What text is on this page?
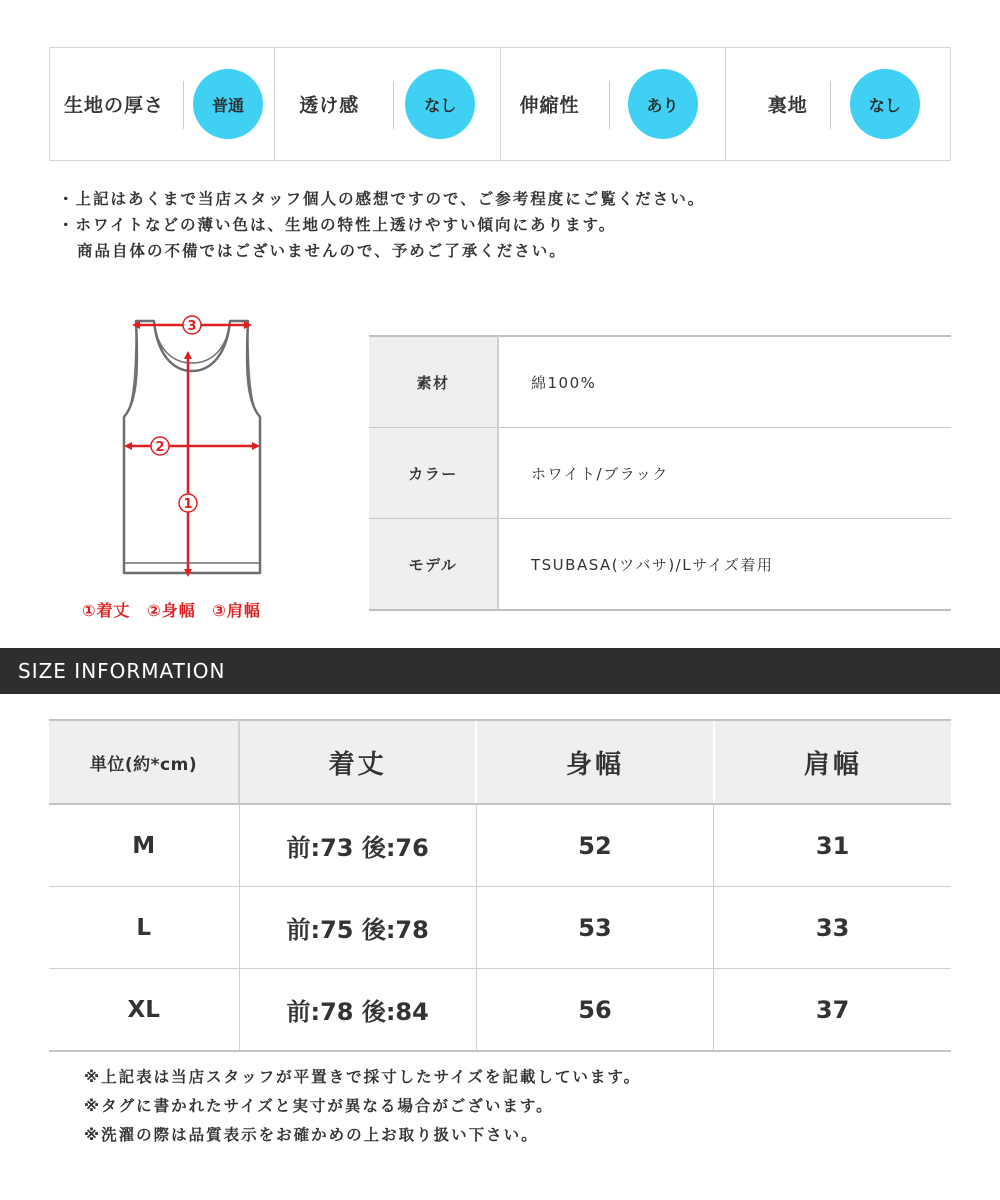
生地の厚さ	普通	透け感	なし	伸縮性	あり	裏地	なし
・上記はあくまで当店スタッフ個人の感想ですので、ご参考程度にご覧ください。
・ホワイトなどの薄い色は、生地の特性上透けやすい傾向にあります。
商品自体の不備ではございませんので、予めご了承ください。
3
2
1
①着丈 ②身幅 ③肩幅
素材	綿100%
カラー	ホワイト/ブラック
モデル	TSUBASA(ツバサ)/Lサイズ着用
SIZE INFORMATION
単位(約*cm)	着丈	身幅	肩幅
M	前:73 後:76	52	31
L	前:75 後:78	53	33
XL	前:78 後:84	56	37
※上記表は当店スタッフが平置きで採寸したサイズを記載しています。
※タグに書かれたサイズと実寸が異なる場合がございます。
※洗濯の際は品質表示をお確かめの上お取り扱い下さい。
